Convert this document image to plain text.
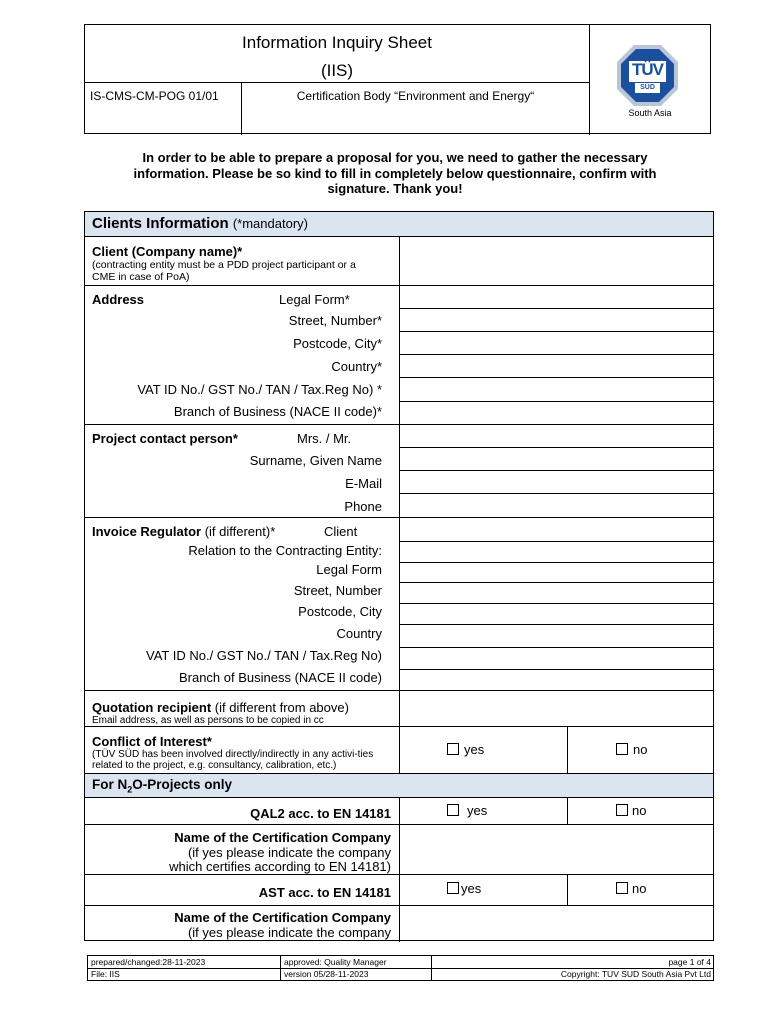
Information Inquiry Sheet
(IIS)
IS-CMS-CM-POG 01/01	Certification Body “Environment and Energy“
TÜV
SÜD
South Asia
In order to be able to prepare a proposal for you, we need to gather the necessary
information. Please be so kind to fill in completely below questionnaire, confirm with
signature. Thank you!
Clients Information (*mandatory)
Client (Company name)*
(contracting entity must be a PDD project participant or a
CME in case of PoA)
Address	Legal Form*
Street, Number*
Postcode, City*
Country*
VAT ID No./ GST No./ TAN / Tax.Reg No) *
Branch of Business (NACE II code)*
Project contact person*	Mrs. / Mr.
Surname, Given Name
E-Mail
Phone
Invoice Regulator (if different)*	Client
Relation to the Contracting Entity:
Legal Form
Street, Number
Postcode, City
Country
VAT ID No./ GST No./ TAN / Tax.Reg No)
Branch of Business (NACE II code)
Quotation recipient (if different from above)
Email address, as well as persons to be copied in cc
Conflict of Interest*
(TÜV SÜD has been involved directly/indirectly in any activi-ties
related to the project, e.g. consultancy, calibration, etc.)
yes	no
For $N_2O$-Projects only
QAL2 acc. to EN 14181	yes	no
Name of the Certification Company
(if yes please indicate the company
which certifies according to EN 14181)
AST acc. to EN 14181	yes	no
Name of the Certification Company
(if yes please indicate the company
prepared/changed:28-11-2023	approved: Quality Manager	page 1 of 4
File: IIS	version 05/28-11-2023	Copyright: TUV SUD South Asia Pvt Ltd
